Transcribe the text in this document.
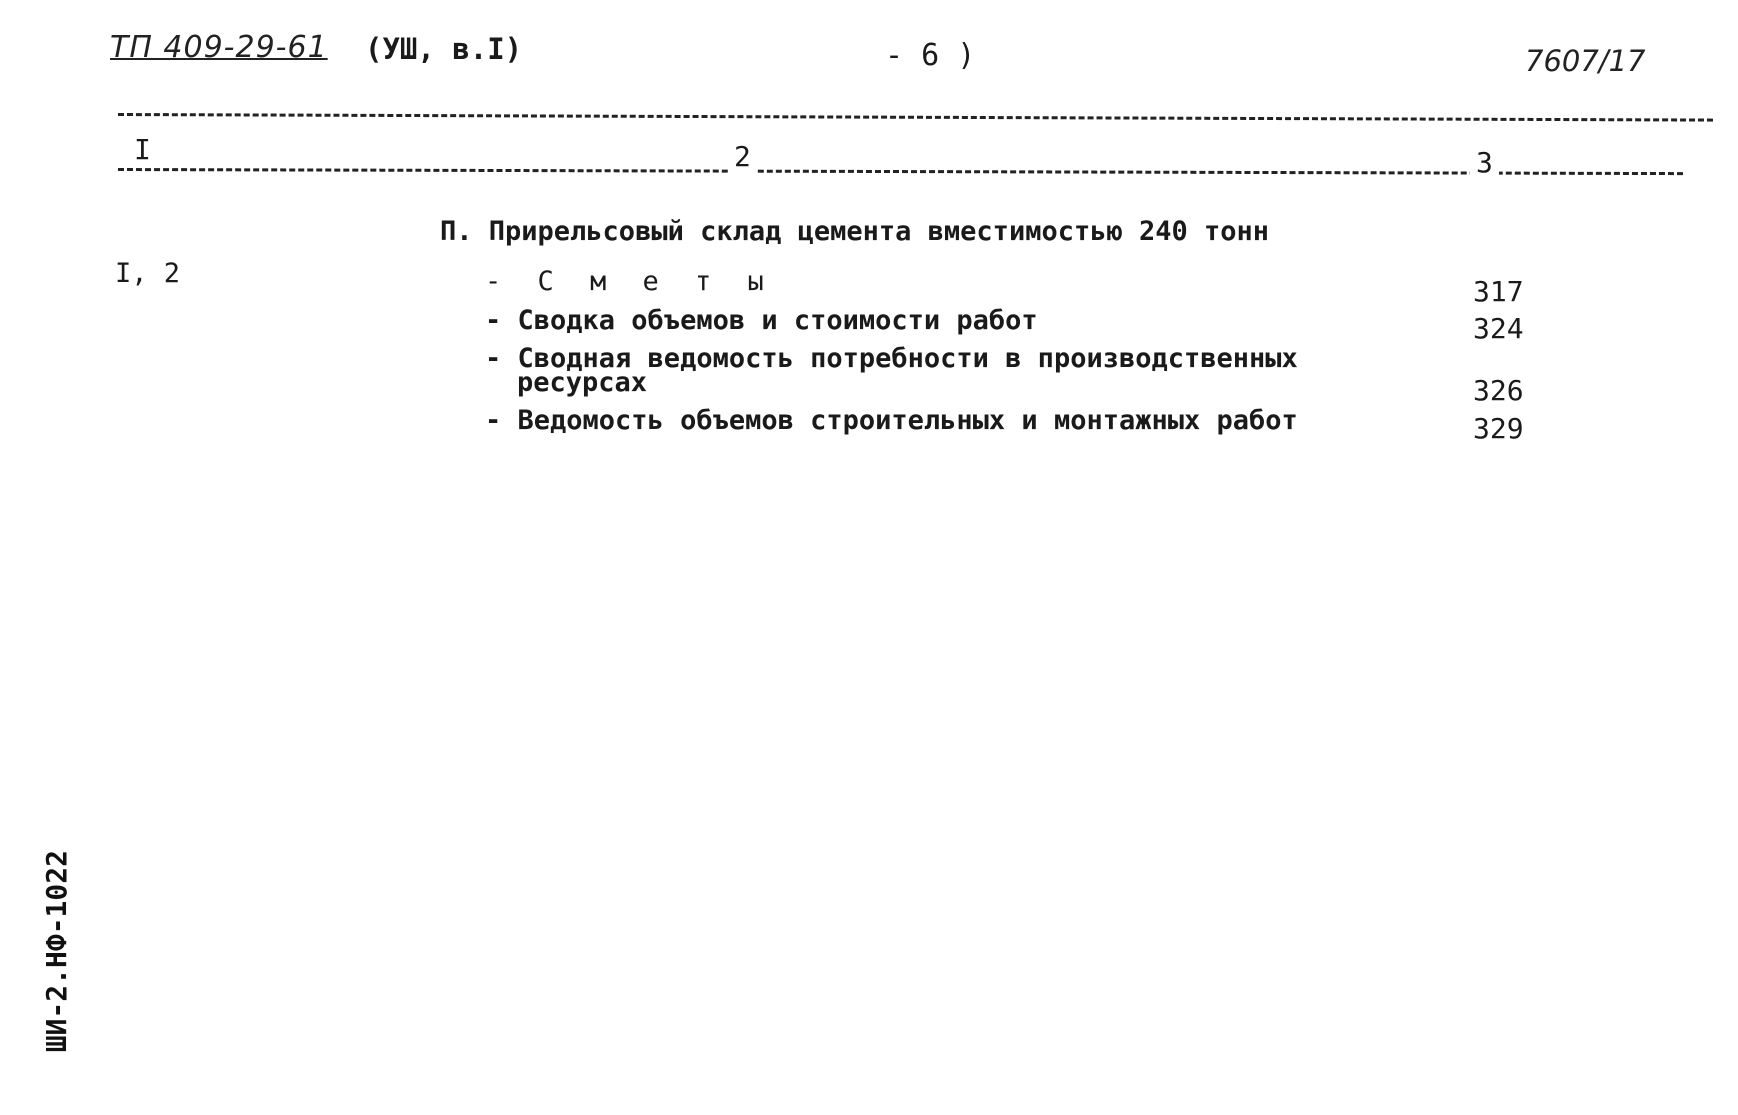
ТП 409-29-61 (УШ, в.I)	- 6 )	7607/17
I	2	3
П. Прирельсовый склад цемента вместимостью 240 тонн
I, 2	- С м е т ы	317
- Сводка объемов и стоимости работ	324
- Сводная ведомость потребности в производственных
ресурсах	326
- Ведомость объемов строительных и монтажных работ	329
ШИ-2.НФ-1022
